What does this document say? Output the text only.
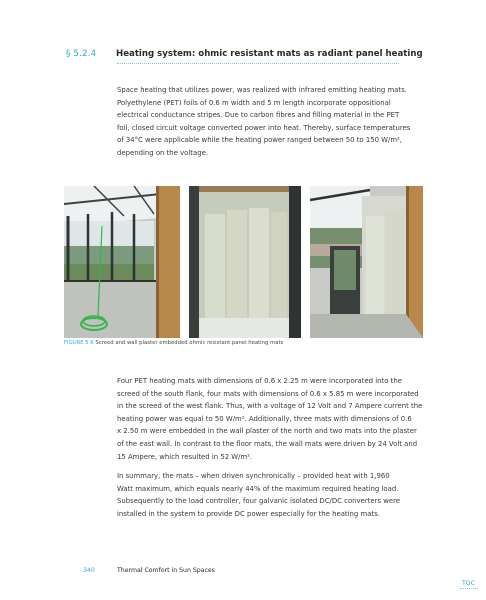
§ 5.2.4 Heating system: ohmic resistant mats as radiant panel heating
Space heating that utilizes power, was realized with infrared emitting heating mats.
Polyethylene (PET) foils of 0.6 m width and 5 m length incorporate oppositional
electrical conductance stripes. Due to carbon fibres and filling material in the PET
foil, closed circuit voltage converted power into heat. Thereby, surface temperatures
of 34°C were applicable while the heating power ranged between 50 to 150 W/m²,
depending on the voltage.
FIGURE 5.6 Screed and wall plaster embedded ohmic resistant panel heating mats
Four PET heating mats with dimensions of 0.6 x 2.25 m were incorporated into the
screed of the south flank, four mats with dimensions of 0.6 x 5.85 m were incorporated
in the screed of the west flank. Thus, with a voltage of 12 Volt and 7 Ampere current the
heating power was equal to 50 W/m². Additionally, three mats with dimensions of 0.6
x 2.50 m were embedded in the wall plaster of the north and two mats into the plaster
of the east wall. In contrast to the floor mats, the wall mats were driven by 24 Volt and
15 Ampere, which resulted in 52 W/m².
In summary, the mats – when driven synchronically – provided heat with 1,960
Watt maximum, which equals nearly 44% of the maximum required heating load.
Subsequently to the load controller, four galvanic isolated DC/DC converters were
installed in the system to provide DC power especially for the heating mats.
340	Thermal Comfort in Sun Spaces
TOC
